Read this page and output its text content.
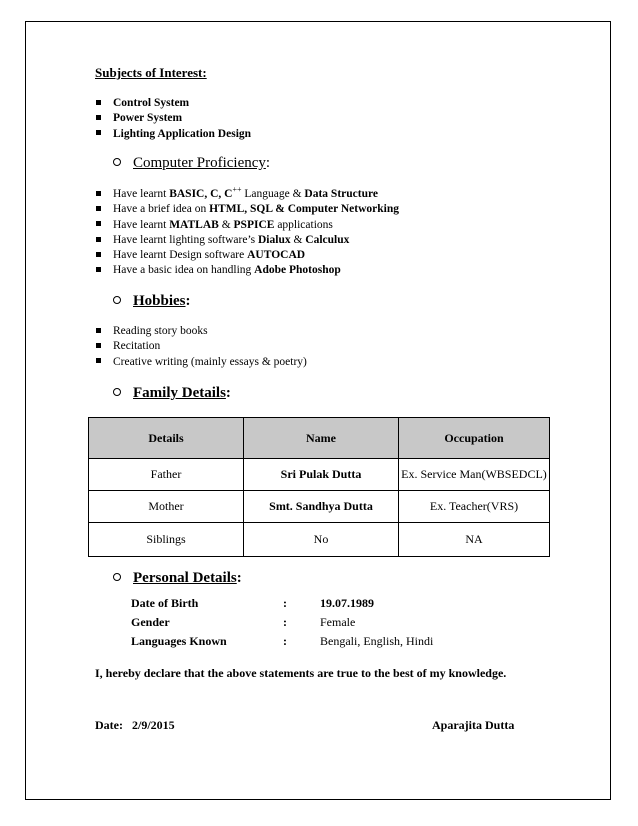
Subjects of Interest:
Control System
Power System
Lighting Application Design
Computer Proficiency:
Have learnt BASIC, C, C++ Language & Data Structure
Have a brief idea on HTML, SQL & Computer Networking
Have learnt MATLAB & PSPICE applications
Have learnt lighting software’s Dialux & Calculux
Have learnt Design software AUTOCAD
Have a basic idea on handling Adobe Photoshop
Hobbies:
Reading story books
Recitation
Creative writing (mainly essays & poetry)
Family Details:
Details	Name	Occupation
Father	Sri Pulak Dutta	Ex. Service Man(WBSEDCL)
Mother	Smt. Sandhya Dutta	Ex. Teacher(VRS)
Siblings	No	NA
Personal Details:
Date of Birth	:	19.07.1989
Gender	:	Female
Languages Known	:	Bengali, English, Hindi
I, hereby declare that the above statements are true to the best of my knowledge.
Date: 2/9/2015	Aparajita Dutta
